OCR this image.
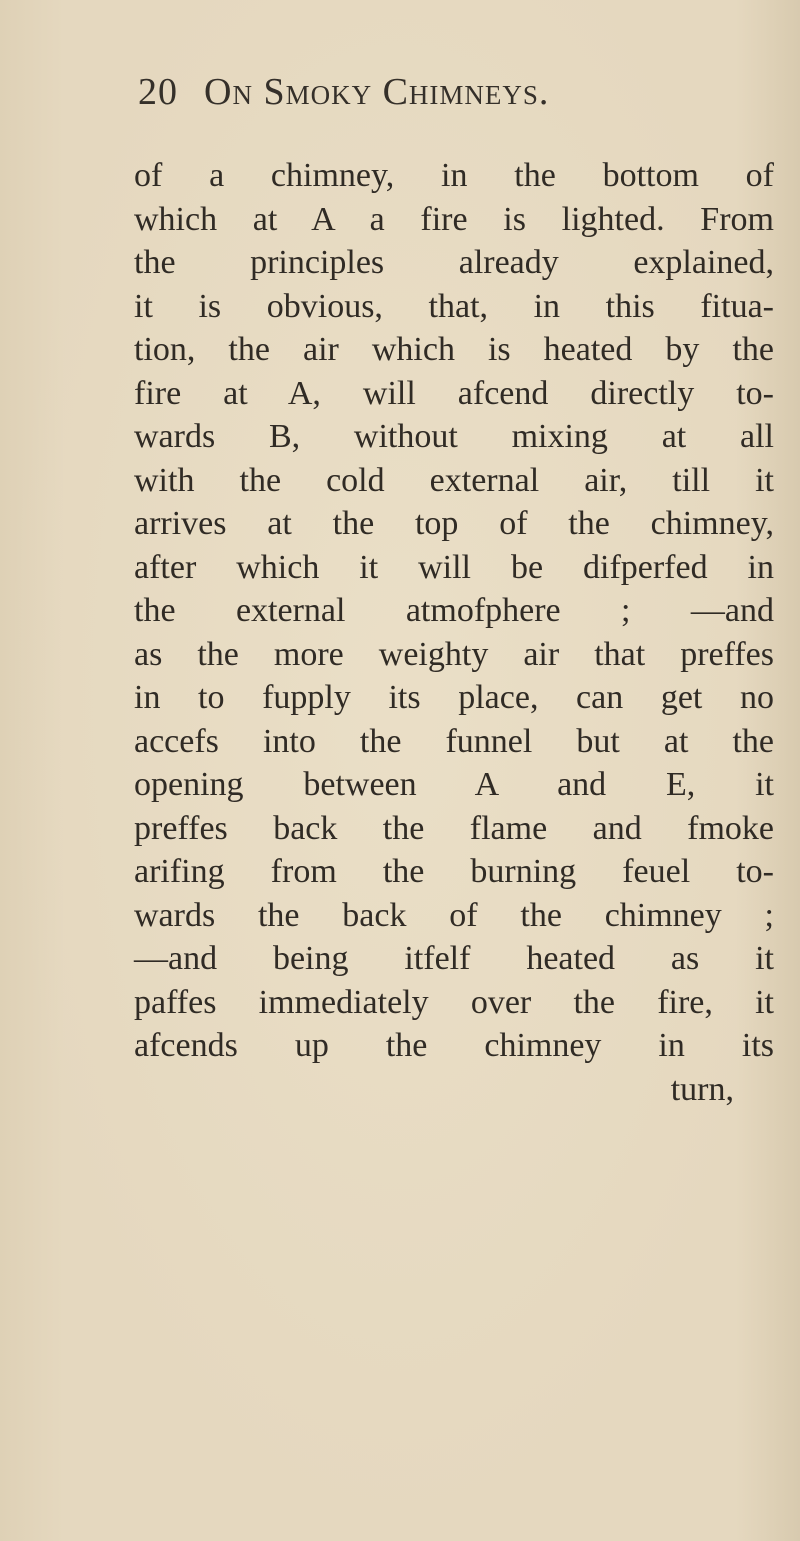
20 On Smoky Chimneys.
of a chimney, in the bottom of
which at A a fire is lighted. From
the principles already explained,
it is obvious, that, in this fitua-
tion, the air which is heated by the
fire at A, will afcend directly to-
wards B, without mixing at all
with the cold external air, till it
arrives at the top of the chimney,
after which it will be difperfed in
the external atmofphere ; —and
as the more weighty air that preffes
in to fupply its place, can get no
accefs into the funnel but at the
opening between A and E, it
preffes back the flame and fmoke
arifing from the burning feuel to-
wards the back of the chimney ;
—and being itfelf heated as it
paffes immediately over the fire, it
afcends up the chimney in its
turn,
